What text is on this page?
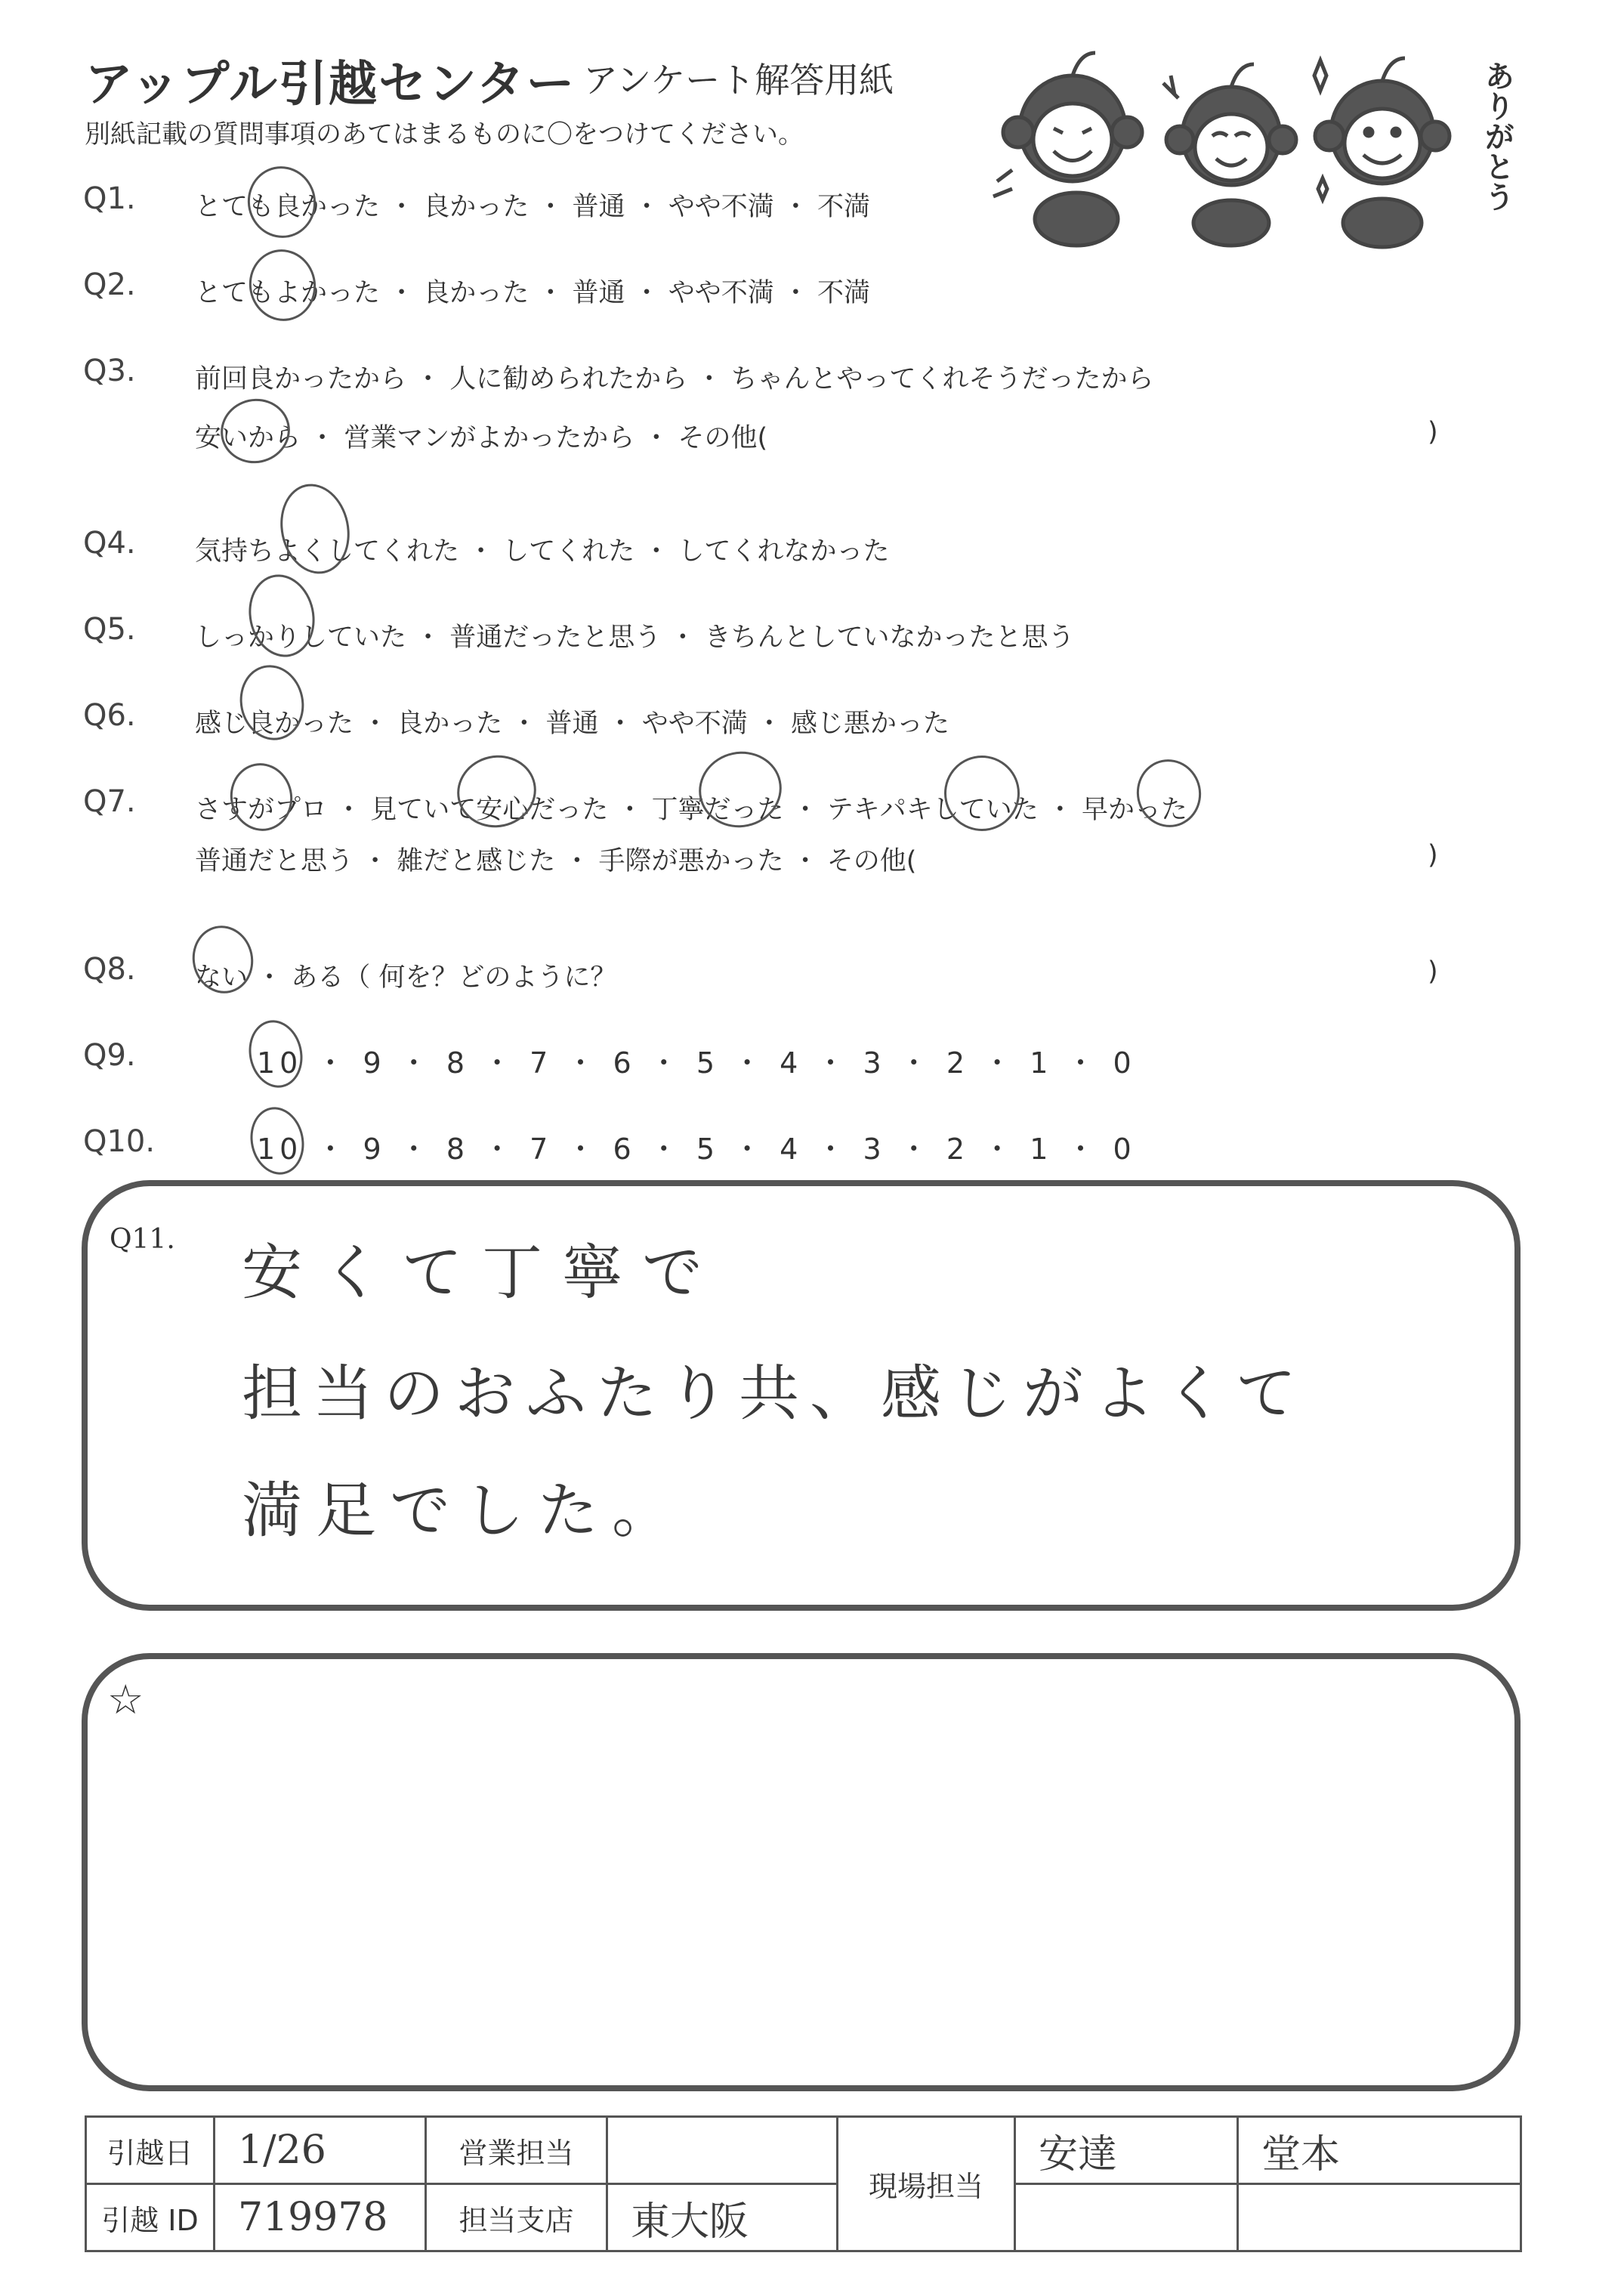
アップル引越センター アンケート解答用紙
別紙記載の質問事項のあてはまるものに〇をつけてください。	ありがとう
Q1. とても良かった ・ 良かった ・ 普通 ・ やや不満 ・ 不満
Q2. とてもよかった ・ 良かった ・ 普通 ・ やや不満 ・ 不満
Q3. 前回良かったから ・ 人に勧められたから ・ ちゃんとやってくれそうだったから
安いから ・ 営業マンがよかったから ・ その他(	)
Q4. 気持ちよくしてくれた ・ してくれた ・ してくれなかった
Q5. しっかりしていた ・ 普通だったと思う ・ きちんとしていなかったと思う
Q6. 感じ良かった ・ 良かった ・ 普通 ・ やや不満 ・ 感じ悪かった
Q7. さすがプロ ・ 見ていて安心だった ・ 丁寧だった ・ テキパキしていた ・ 早かった
普通だと思う ・ 雑だと感じた ・ 手際が悪かった ・ その他(	)
Q8. ない ・ ある（ 何を？どのように？	)
Q9.	10 ・ 9 ・ 8 ・ 7 ・ 6 ・ 5 ・ 4 ・ 3 ・ 2 ・ 1 ・ 0
Q10.	10 ・ 9 ・ 8 ・ 7 ・ 6 ・ 5 ・ 4 ・ 3 ・ 2 ・ 1 ・ 0
Q11. 安くて丁寧で
担当のおふたり共、感じがよくて
満足でした。
☆
引越日	1/26	営業担当		現場担当	安達	堂本
引越 ID	719978	担当支店	東大阪			
